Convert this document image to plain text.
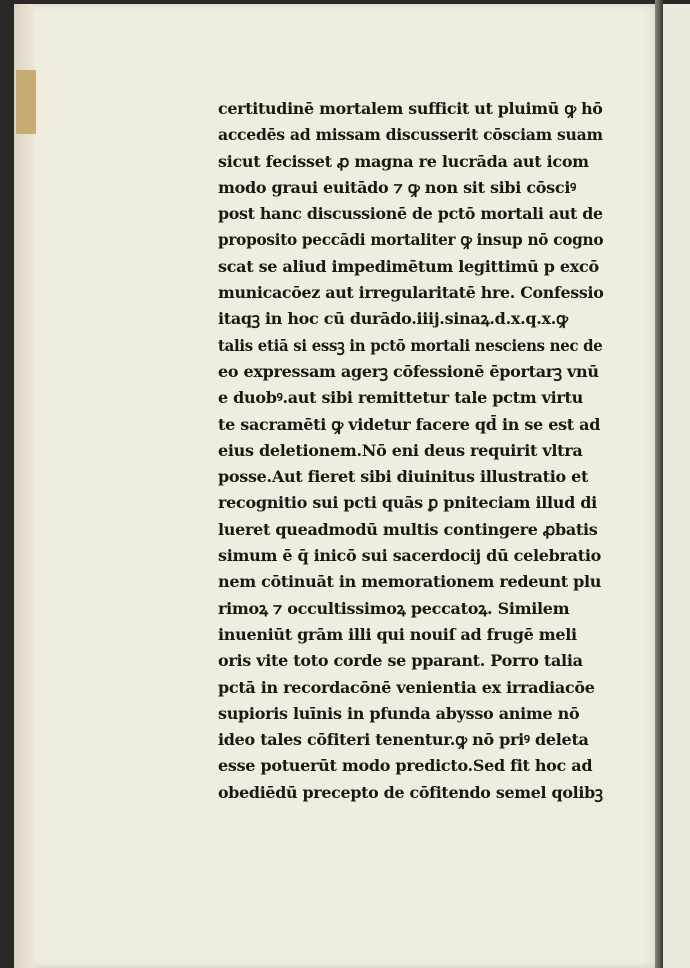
certitudinē mortalem sufficit ut pluimū ꝙ hō
accedēs ad missam discusserit cōsciam suam
sicut fecisset ꝓ magna re lucrāda aut icom
modo graui euitādo ⁊ ꝙ non sit sibi cōsciꝰ
post hanc discussionē de pctō mortali aut de
proposito peccādi mortaliter ꝙ insup nō cogno
scat se aliud impedimētum legittimū p excō
municacōez aut irregularitatē hre. Confessio
itaqꝫ in hoc cū durādo.iiij.sinaꝝ.d.x.q.x.ꝙ
talis etiā si essꝫ in pctō mortali nesciens nec de
eo expressam agerꝫ cōfessionē ēportarꝫ vnū
e duobꝰ.aut sibi remittetur tale pctm virtu
te sacramēti ꝙ videtur facere qd̄ in se est ad
eius deletionem.Nō eni deus requirit vltra
posse.Aut fieret sibi diuinitus illustratio et
recognitio sui pcti quās ꝑ pniteciam illud di
lueret queadmodū multis contingere ꝓbatis
simum ē q̄ inicō sui sacerdocij dū celebratio
nem cōtinuāt in memorationem redeunt plu
rimoꝝ ⁊ occultissimoꝝ peccatoꝝ. Similem
inueniūt grām illi qui nouiſ ad frugē meli
oris vite toto corde se pparant. Porro talia
pctā in recordacōnē venientia ex irradiacōe
supioris luīnis in pfunda abysso anime nō
ideo tales cōfiteri tenentur.ꝙ nō priꝰ deleta
esse potuerūt modo predicto.Sed fit hoc ad
obediēdū precepto de cōfitendo semel qolibꝫ
